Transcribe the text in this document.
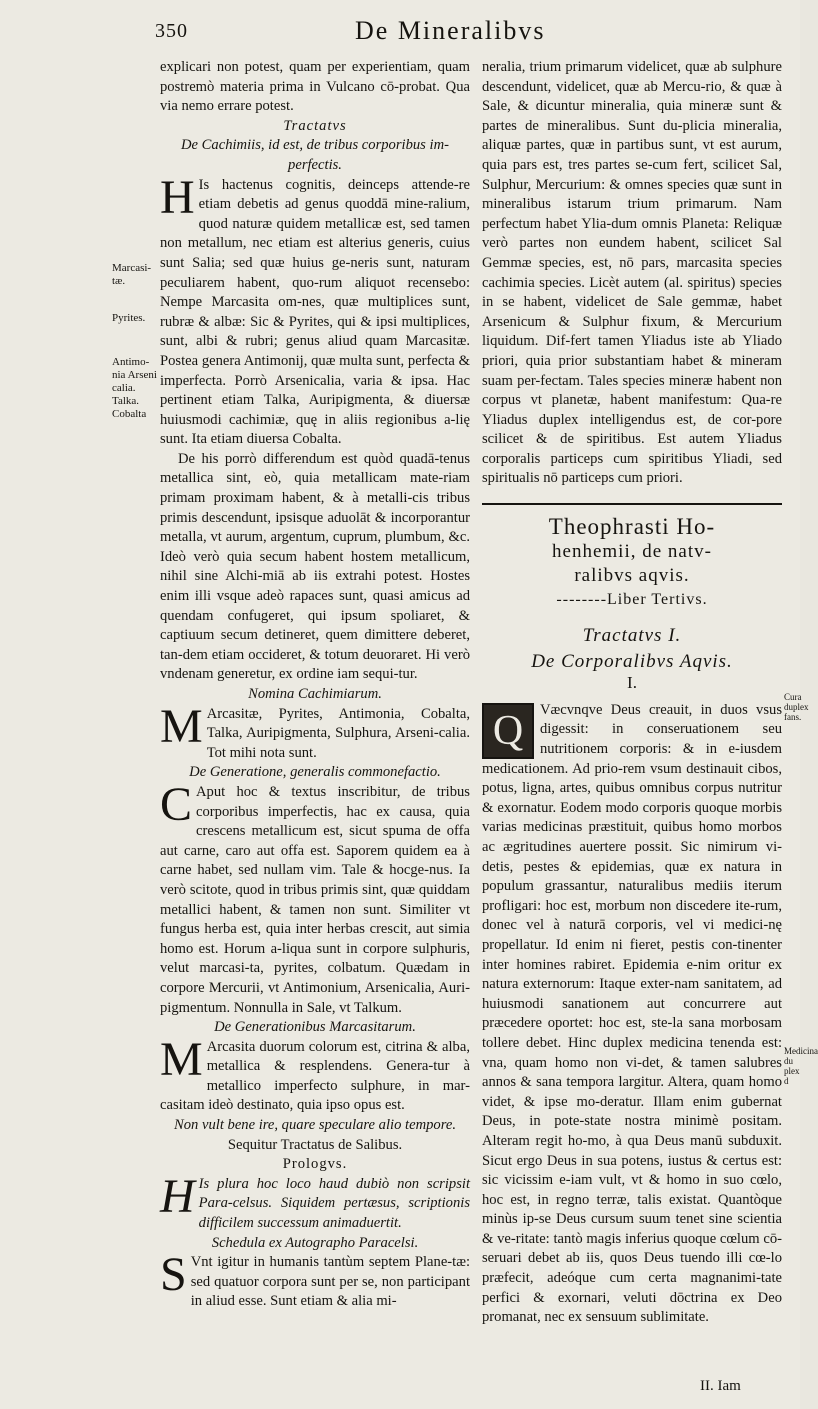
350	De Mineralibvs
Marcasi-tæ.
Pyrites.
Antimo-nia Arseni calia. Talka. Cobalta
Cura duplex fans.
Medicina du plex d

explicari non potest, quam per experientiam, quam postremò materia prima in Vulcano cō-probat. Qua via nemo errare potest.

Tractatvs

De Cachimiis, id est, de tribus corporibus im-perfectis.

H Is hactenus cognitis, deinceps attende-re etiam debetis ad genus quoddā mine-ralium, quod naturæ quidem metallicæ est, sed tamen non metallum, nec etiam est alterius generis, cuius sunt Salia; sed quæ huius ge-neris sunt, naturam peculiarem habent, quo-rum aliquot recensebo: Nempe Marcasita om-nes, quæ multiplices sunt, rubræ & albæ: Sic & Pyrites, qui & ipsi multiplices, sunt, albi & rubri; genus aliud quam Marcasitæ. Postea genera Antimonij, quæ multa sunt, perfecta & imperfecta. Porrò Arsenicalia, varia & ipsa. Hac pertinent etiam Talka, Auripigmenta, & diuersæ huiusmodi cachimiæ, quę in aliis regionibus a-lię sunt. Ita etiam diuersa Cobalta.

De his porrò differendum est quòd quadā-tenus metallica sint, eò, quia metallicam mate-riam primam proximam habent, & à metalli-cis tribus primis descendunt, ipsisque aduolāt & incorporantur metalla, vt aurum, argentum, cuprum, plumbum, &c. Ideò verò quia secum habent hostem metallicum, nihil sine Alchi-miā ab iis extrahi potest. Hostes enim illi vsque adeò rapaces sunt, quasi amicus ad quendam confugeret, qui ipsum spoliaret, & captiuum secum detineret, quem dimittere deberet, tan-dem etiam occideret, & totum deuoraret. Hi verò vndenam generetur, ex ordine iam sequi-tur.

Nomina Cachimiarum.

M Arcasitæ, Pyrites, Antimonia, Cobalta, Talka, Auripigmenta, Sulphura, Arseni-calia. Tot mihi nota sunt.

De Generatione, generalis commonefactio.

C Aput hoc & textus inscribitur, de tribus corporibus imperfectis, hac ex causa, quia crescens metallicum est, sicut spuma de offa aut carne, caro aut offa est. Saporem quidem ea à carne habet, sed nullam vim. Tale & hocge-nus. Ia verò scitote, quod in tribus primis sint, quæ quiddam metallici habent, & tamen non sunt. Similiter vt fungus herba est, quia inter herbas crescit, aut simia homo est. Horum a-liqua sunt in corpore sulphuris, velut marcasi-ta, pyrites, colbatum. Quædam in corpore Mercurii, vt Antimonium, Arsenicalia, Auri-pigmentum. Nonnulla in Sale, vt Talkum.

De Generationibus Marcasitarum.

M Arcasita duorum colorum est, citrina & alba, metallica & resplendens. Genera-tur à metallico imperfecto sulphure, in mar-casitam ideò destinato, quia ipso opus est.

Non vult bene ire, quare speculare alio tempore.

Sequitur Tractatus de Salibus.

Prologvs.

H Is plura hoc loco haud dubiò non scripsit Para-celsus. Siquidem pertæsus, scriptionis difficilem successum animaduertit.

Schedula ex Autographo Paracelsi.

S Vnt igitur in humanis tantùm septem Plane-tæ: sed quatuor corpora sunt per se, non participant in aliud esse. Sunt etiam & alia mi-

neralia, trium primarum videlicet, quæ ab sulphure descendunt, videlicet, quæ ab Mercu-rio, & quæ à Sale, & dicuntur mineralia, quia mineræ sunt & partes de mineralibus. Sunt du-plicia mineralia, aliquæ partes, quæ in partibus sunt, vt est aurum, quia pars est, tres partes se-cum fert, scilicet Sal, Sulphur, Mercurium: & omnes species quæ sunt in mineralibus istarum trium primarum. Nam perfectum habet Ylia-dum omnis Planeta: Reliquæ verò partes non eundem habent, scilicet Sal Gemmæ species, est, nō pars, marcasita species cachimia species. Licèt autem (al. spiritus) species in se habent, videlicet de Sale gemmæ, habet Arsenicum & Sulphur fixum, & Mercurium liquidum. Dif-fert tamen Yliadus iste ab Yliado priori, quia prior substantiam habet & mineram suam per-fectam. Tales species mineræ habent non corpus vt planetæ, habent manifestum: Qua-re Yliadus duplex intelligendus est, de cor-pore scilicet & de spiritibus. Est autem Yliadus corporalis particeps cum spiritibus Yliadi, sed spiritualis nō particeps cum priori.

Theophrasti Ho-
henhemii, de natv-
ralibvs aqvis.
--------Liber Tertivs.
Tractatvs I.
De Corporalibvs Aqvis.
I.

Q	Væcvnqve Deus creauit, in duos vsus digessit: in conseruationem seu nutritionem corporis: & in e-iusdem medicationem. Ad prio-rem vsum destinauit cibos, potus, ligna, artes, quibus omnibus corpus nutritur & exornatur. Eodem modo corporis quoque morbis varias medicinas præstituit, quibus homo morbos ac ægritudines auertere possit. Sic nimirum vi-detis, pestes & epidemias, quæ ex natura in populum grassantur, naturalibus mediis iterum profligari: hoc est, morbum non discedere ite-rum, donec vel à naturā corporis, vel vi medici-nę propellatur. Id enim ni fieret, pestis con-tinenter inter homines rabiret. Epidemia e-nim oritur ex natura externorum: Itaque exter-nam sanitatem, ad huiusmodi sanationem aut concurrere aut præcedere oportet: hoc est, ste-la sana morbosam tollere debet. Hinc duplex medicina tenenda est: vna, quam homo non vi-det, & tamen salubres annos & sana tempora largitur. Altera, quam homo videt, & ipse mo-deratur. Illam enim gubernat Deus, in pote-state nostra minimè positam. Alteram regit ho-mo, à qua Deus manū subduxit. Sicut ergo Deus in sua potens, iustus & certus est: sic vicissim e-iam vult, vt & homo in suo cœlo, hoc est, in regno terræ, talis existat. Quantòque minùs ip-se Deus cursum suum tenet sine scientia & ve-ritate: tantò magis inferius quoque cœlum cō-seruari debet ab iis, quos Deus tuendo illi cœ-lo præfecit, adeóque cum certa magnanimi-tate perfici & exornari, veluti dōctrina ex Deo promanat, nec ex sensuum sublimitate.

II. Iam
